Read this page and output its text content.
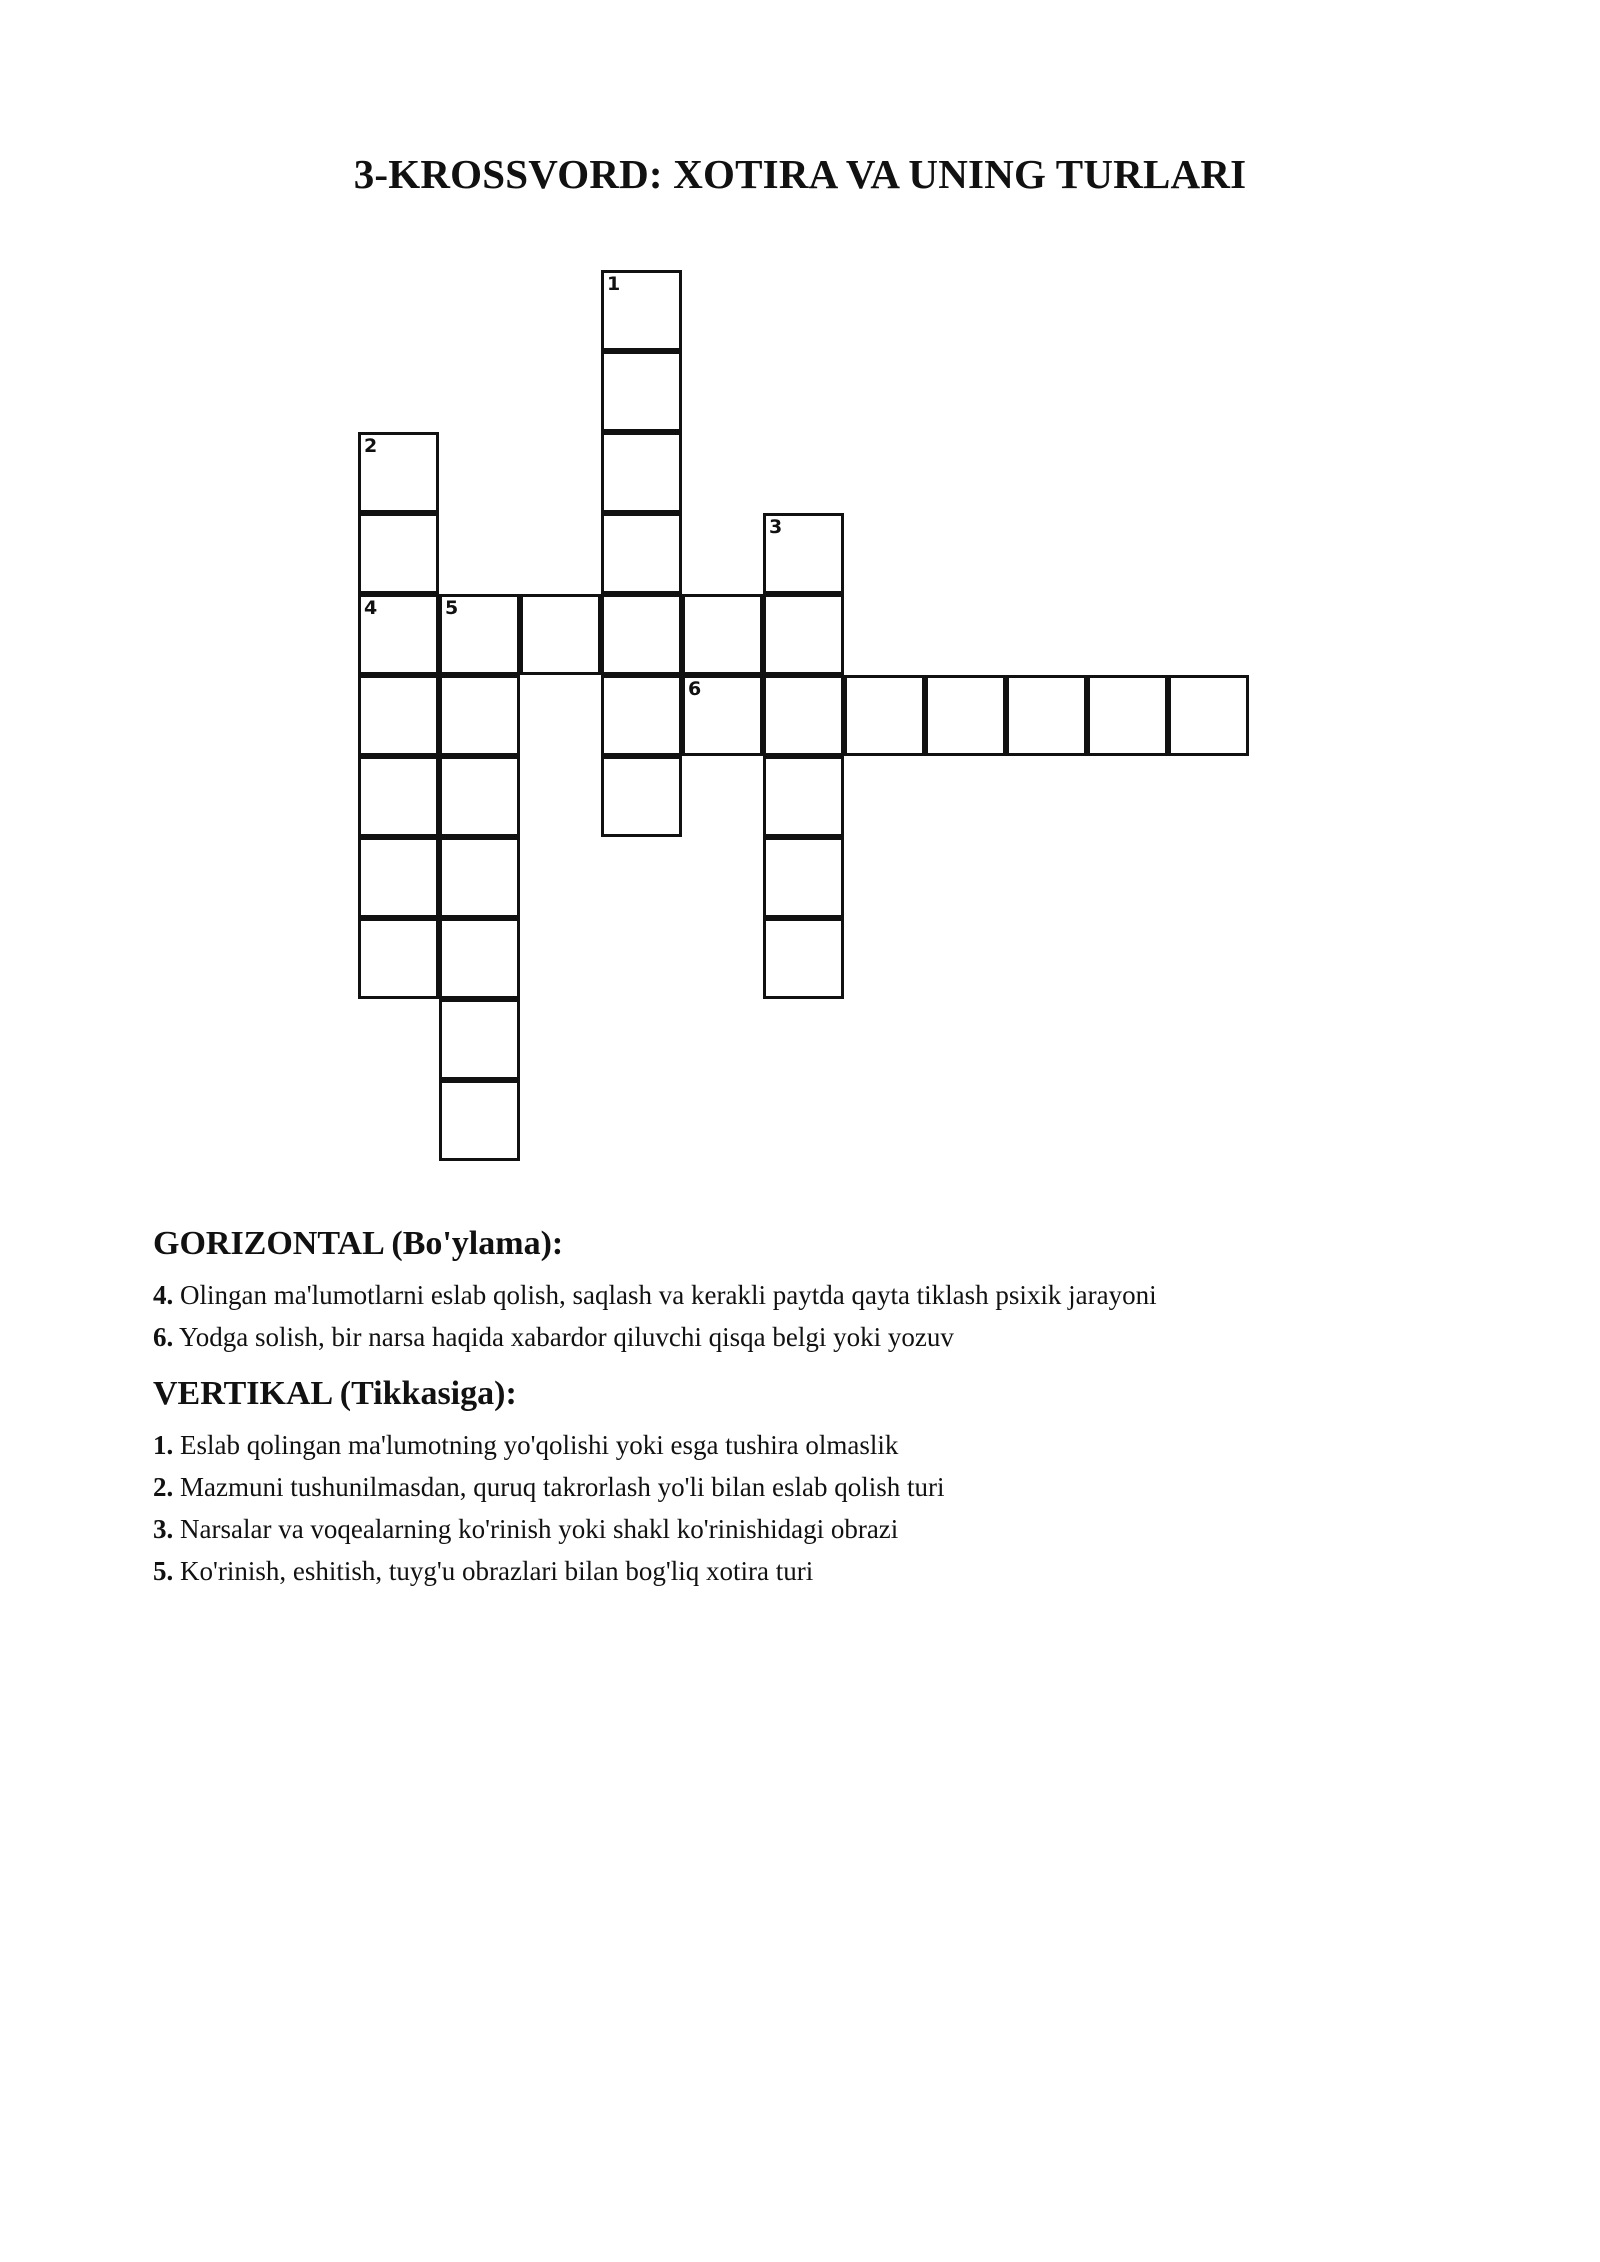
3-KROSSVORD: XOTIRA VA UNING TURLARI
1
2
3
4	5
6
GORIZONTAL (Bo'ylama):
4. Olingan ma'lumotlarni eslab qolish, saqlash va kerakli paytda qayta tiklash psixik jarayoni
6. Yodga solish, bir narsa haqida xabardor qiluvchi qisqa belgi yoki yozuv
VERTIKAL (Tikkasiga):
1. Eslab qolingan ma'lumotning yo'qolishi yoki esga tushira olmaslik
2. Mazmuni tushunilmasdan, quruq takrorlash yo'li bilan eslab qolish turi
3. Narsalar va voqealarning ko'rinish yoki shakl ko'rinishidagi obrazi
5. Ko'rinish, eshitish, tuyg'u obrazlari bilan bog'liq xotira turi
